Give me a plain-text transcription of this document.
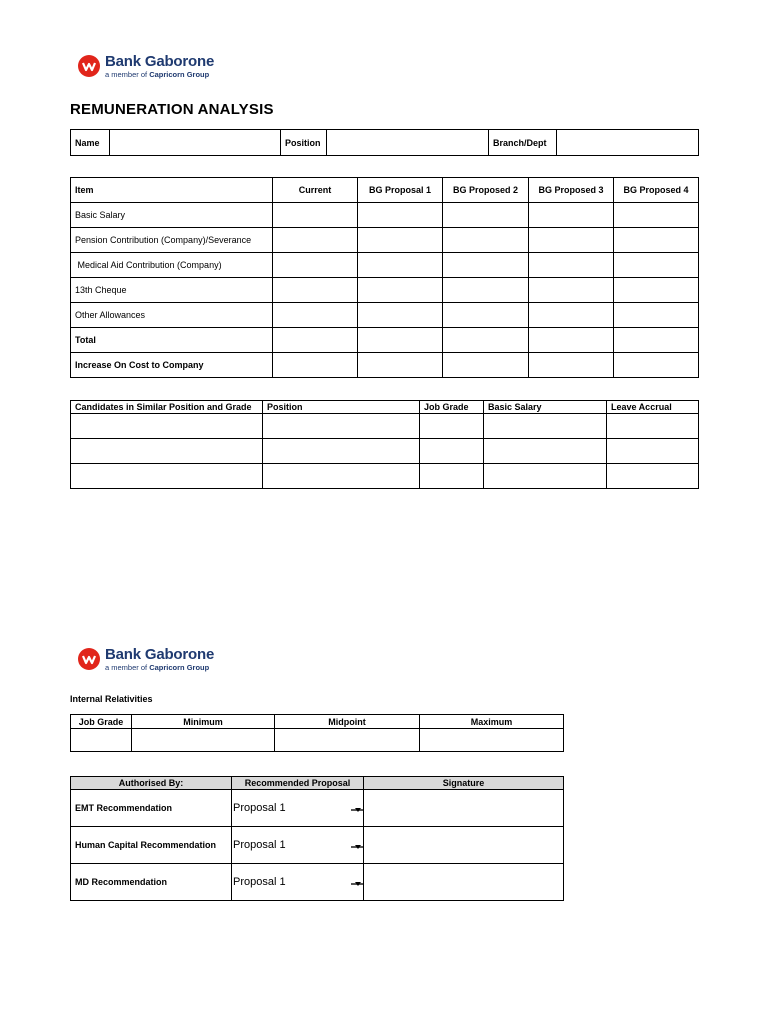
Bank Gaborone
a member of Capricorn Group
REMUNERATION ANALYSIS
Name		Position		Branch/Dept	
Item	Current	BG Proposal 1	BG Proposed 2	BG Proposed 3	BG Proposed 4
Basic Salary					
Pension Contribution (Company)/Severance					
Medical Aid Contribution (Company)					
13th Cheque					
Other Allowances					
Total					
Increase On Cost to Company					
Candidates in Similar Position and Grade	Position	Job Grade	Basic Salary	Leave Accrual

Bank Gaborone
a member of Capricorn Group
Internal Relativities
Job Grade	Minimum	Midpoint	Maximum

Authorised By:	Recommended Proposal	Signature
EMT Recommendation	Proposal 1	

Human Capital Recommendation	Proposal 1	

MD Recommendation	Proposal 1	
